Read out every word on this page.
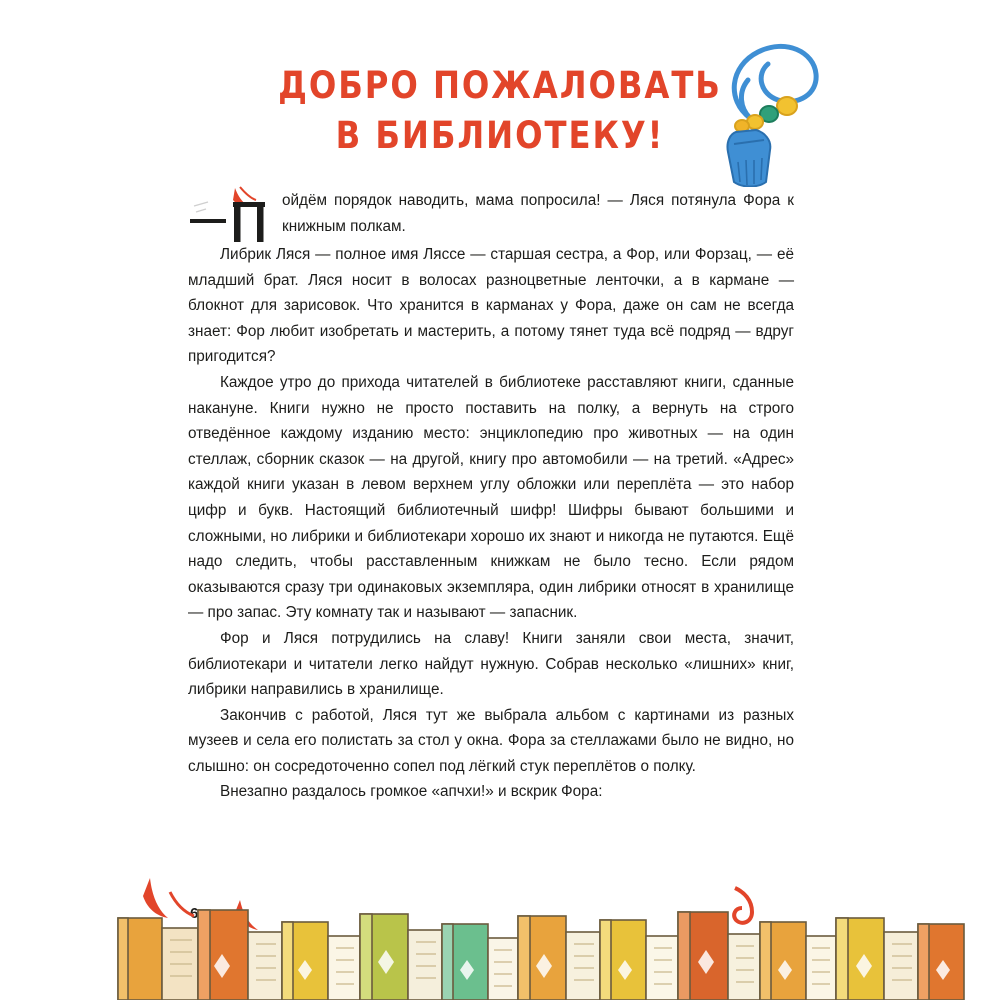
ДОБРО ПОЖАЛОВАТЬ
В БИБЛИОТЕКУ!

ойдём порядок наводить, мама попросила! — Ляся потянула Фора к книжным полкам.

Либрик Ляся — полное имя Ляссе — старшая сестра, а Фор, или Форзац, — её младший брат. Ляся носит в волосах разноцветные ленточки, а в кармане — блокнот для зарисовок. Что хранится в карманах у Фора, даже он сам не всегда знает: Фор любит изобретать и мастерить, а потому тянет туда всё подряд — вдруг пригодится?

Каждое утро до прихода читателей в библиотеке расставляют книги, сданные накануне. Книги нужно не просто поставить на полку, а вернуть на строго отведённое каждому изданию место: энциклопедию про животных — на один стеллаж, сборник сказок — на другой, книгу про автомобили — на третий. «Адрес» каждой книги указан в левом верхнем углу обложки или переплёта — это набор цифр и букв. Настоящий библиотечный шифр! Шифры бывают большими и сложными, но либрики и библиотекари хорошо их знают и никогда не путаются. Ещё надо следить, чтобы расставленным книжкам не было тесно. Если рядом оказываются сразу три одинаковых экземпляра, один либрики относят в хранилище — про запас. Эту комнату так и называют — запасник.

Фор и Ляся потрудились на славу! Книги заняли свои места, значит, библиотекари и читатели легко найдут нужную. Собрав несколько «лишних» книг, либрики направились в хранилище.

Закончив с работой, Ляся тут же выбрала альбом с картинами из разных музеев и села его полистать за стол у окна. Фора за стеллажами было не видно, но слышно: он сосредоточенно сопел под лёгкий стук переплётов о полку.

Внезапно раздалось громкое «апчхи!» и вскрик Фора:

6
